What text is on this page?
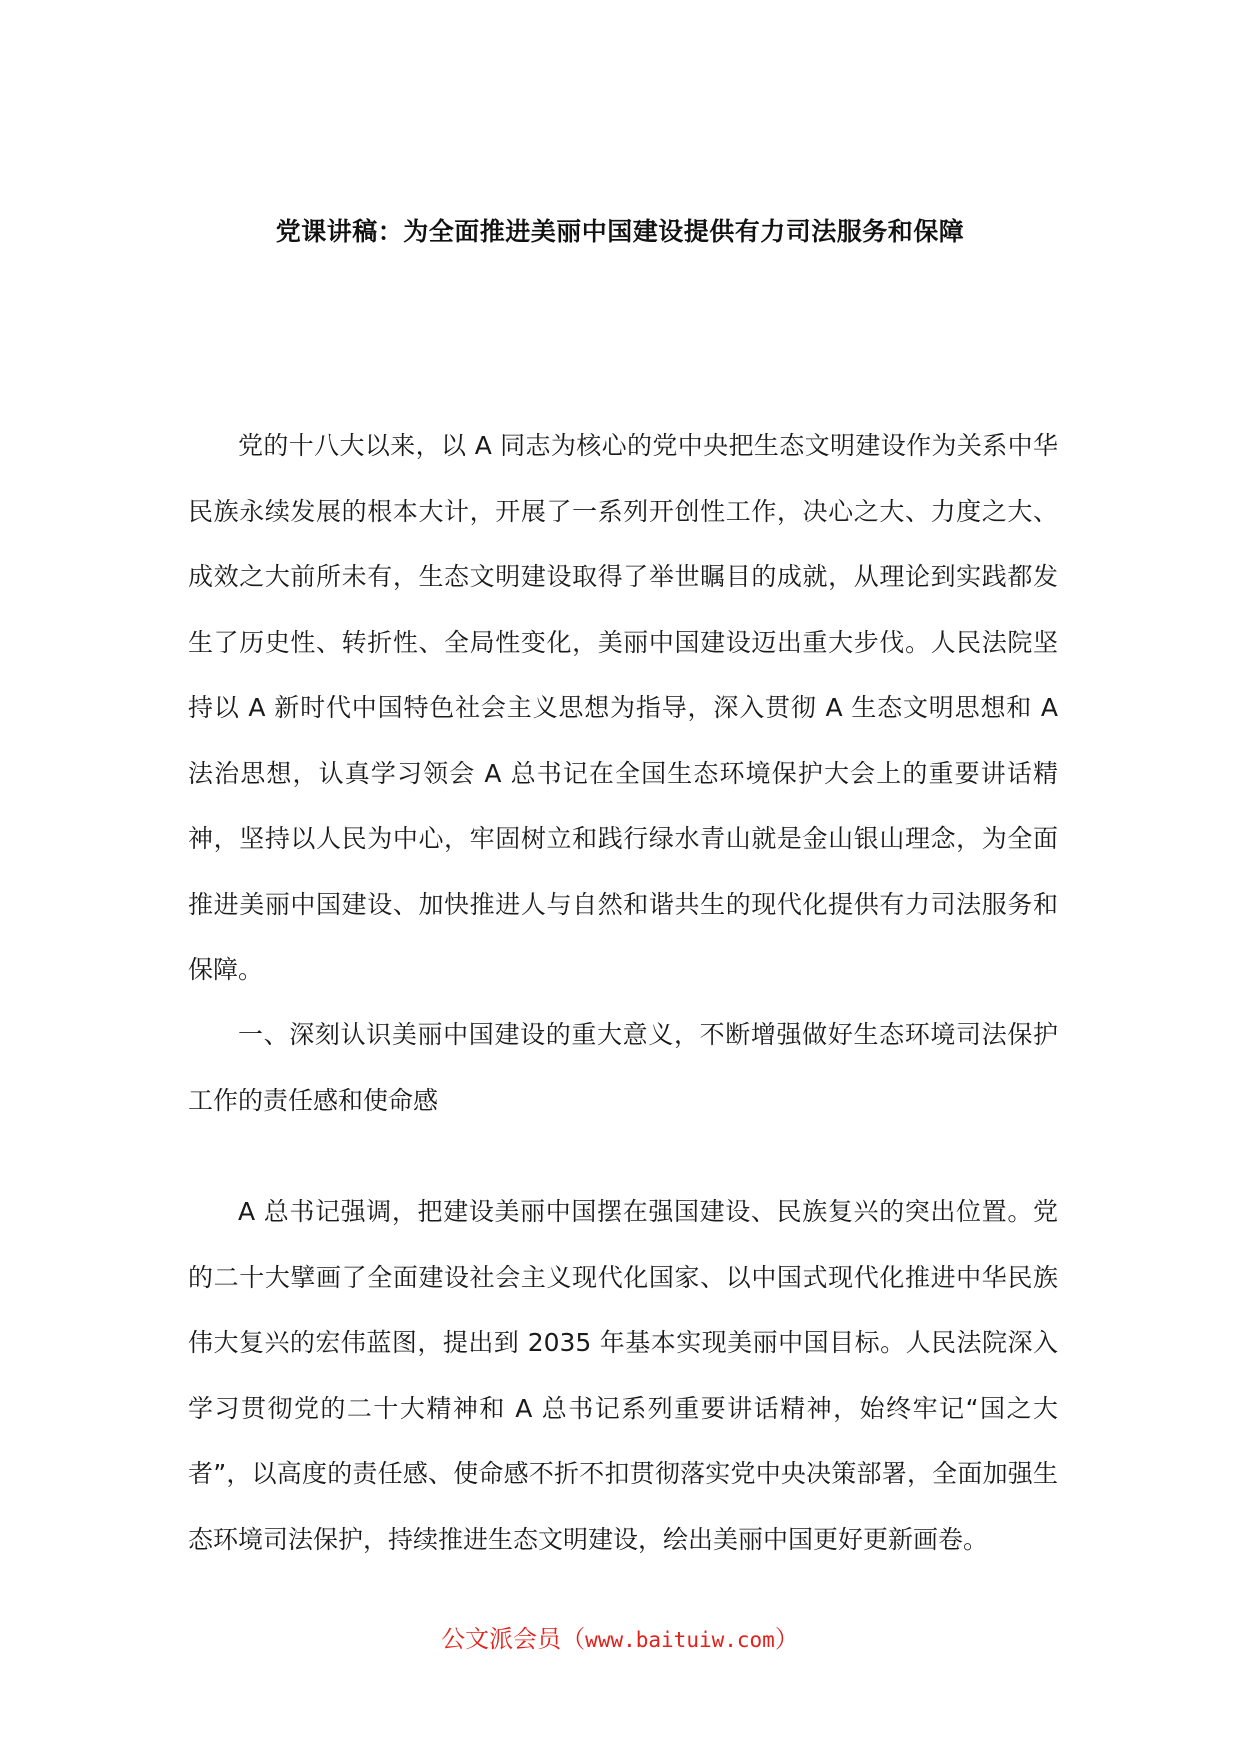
党课讲稿：为全面推进美丽中国建设提供有力司法服务和保障

党的十八大以来，以 A 同志为核心的党中央把生态文明建设作为关系中华民族永续发展的根本大计，开展了一系列开创性工作，决心之大、力度之大、成效之大前所未有，生态文明建设取得了举世瞩目的成就，从理论到实践都发生了历史性、转折性、全局性变化，美丽中国建设迈出重大步伐。人民法院坚持以 A 新时代中国特色社会主义思想为指导，深入贯彻 A 生态文明思想和 A 法治思想，认真学习领会 A 总书记在全国生态环境保护大会上的重要讲话精神，坚持以人民为中心，牢固树立和践行绿水青山就是金山银山理念，为全面推进美丽中国建设、加快推进人与自然和谐共生的现代化提供有力司法服务和保障。

一、深刻认识美丽中国建设的重大意义，不断增强做好生态环境司法保护工作的责任感和使命感

A 总书记强调，把建设美丽中国摆在强国建设、民族复兴的突出位置。党的二十大擘画了全面建设社会主义现代化国家、以中国式现代化推进中华民族伟大复兴的宏伟蓝图，提出到 2035 年基本实现美丽中国目标。人民法院深入学习贯彻党的二十大精神和 A 总书记系列重要讲话精神，始终牢记“国之大者”，以高度的责任感、使命感不折不扣贯彻落实党中央决策部署，全面加强生态环境司法保护，持续推进生态文明建设，绘出美丽中国更好更新画卷。

公文派会员（www.baituiw.com）
